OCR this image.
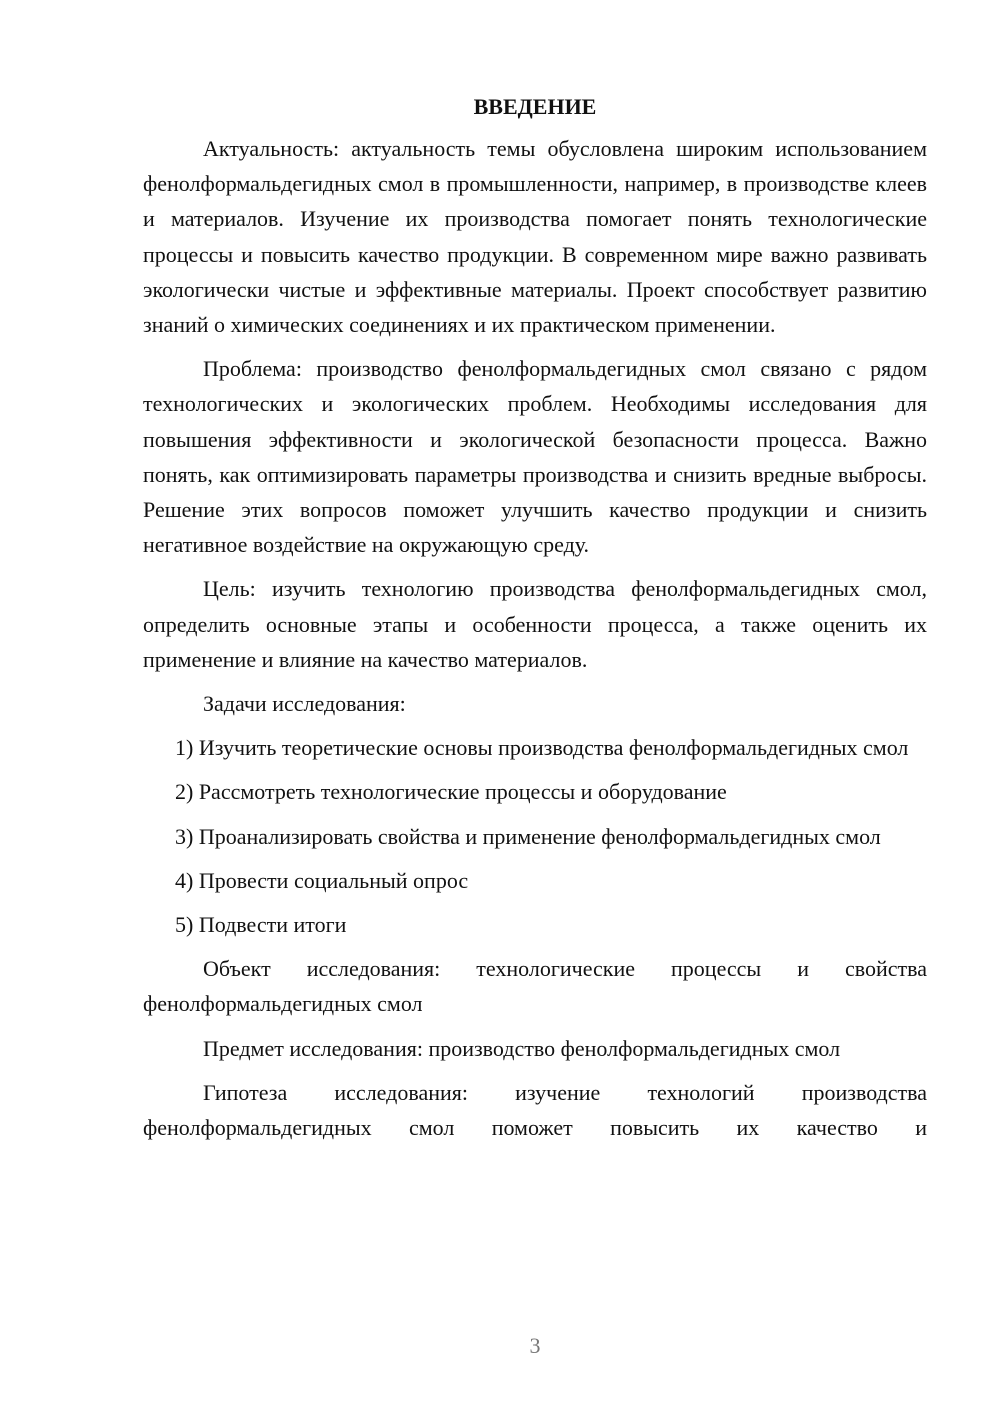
ВВЕДЕНИЕ

Актуальность: актуальность темы обусловлена широким использованием фенолформальдегидных смол в промышленности, например, в производстве клеев и материалов. Изучение их производства помогает понять технологические процессы и повысить качество продукции. В современном мире важно развивать экологически чистые и эффективные материалы. Проект способствует развитию знаний о химических соединениях и их практическом применении.

Проблема: производство фенолформальдегидных смол связано с рядом технологических и экологических проблем. Необходимы исследования для повышения эффективности и экологической безопасности процесса. Важно понять, как оптимизировать параметры производства и снизить вредные выбросы. Решение этих вопросов поможет улучшить качество продукции и снизить негативное воздействие на окружающую среду.

Цель: изучить технологию производства фенолформальдегидных смол, определить основные этапы и особенности процесса, а также оценить их применение и влияние на качество материалов.

Задачи исследования:

1) Изучить теоретические основы производства фенолформальдегидных смол

2) Рассмотреть технологические процессы и оборудование

3) Проанализировать свойства и применение фенолформальдегидных смол

4) Провести социальный опрос

5) Подвести итоги

Объект исследования: технологические процессы и свойства фенолформальдегидных смол

Предмет исследования: производство фенолформальдегидных смол

Гипотеза исследования: изучение технологий производства фенолформальдегидных смол поможет повысить их качество и

3
